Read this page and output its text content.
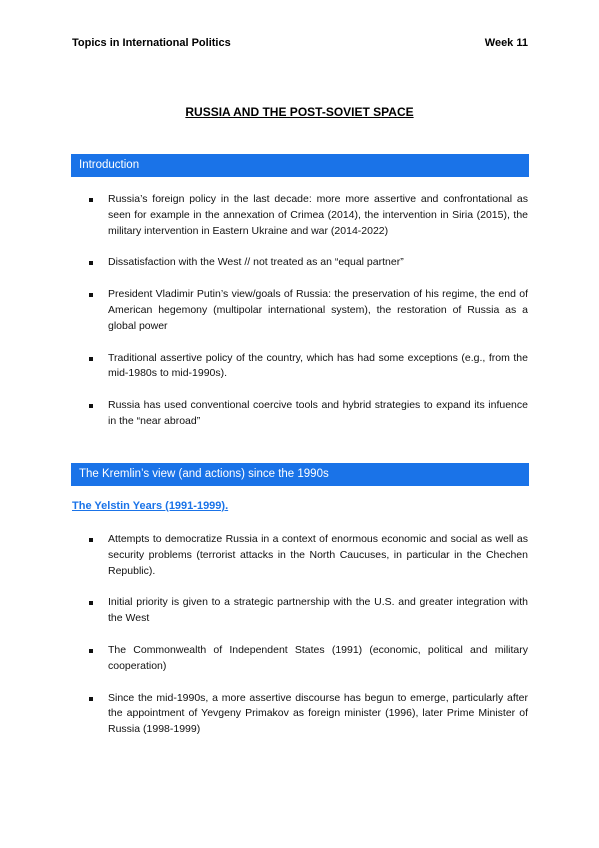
Topics in International Politics	Week 11
RUSSIA AND THE POST-SOVIET SPACE
Introduction
Russia’s foreign policy in the last decade: more more assertive and confrontational as seen for example in the annexation of Crimea (2014), the intervention in Siria (2015), the military intervention in Eastern Ukraine and war (2014-2022)
Dissatisfaction with the West // not treated as an “equal partner”
President Vladimir Putin’s view/goals of Russia: the preservation of his regime, the end of American hegemony (multipolar international system), the restoration of Russia as a global power
Traditional assertive policy of the country, which has had some exceptions (e.g., from the mid-1980s to mid-1990s).
Russia has used conventional coercive tools and hybrid strategies to expand its infuence in the “near abroad”
The Kremlin’s view (and actions) since the 1990s
The Yelstin Years (1991-1999).
Attempts to democratize Russia in a context of enormous economic and social as well as security problems (terrorist attacks in the North Caucuses, in particular in the Chechen Republic).
Initial priority is given to a strategic partnership with the U.S. and greater integration with the West
The Commonwealth of Independent States (1991) (economic, political and military cooperation)
Since the mid-1990s, a more assertive discourse has begun to emerge, particularly after the appointment of Yevgeny Primakov as foreign minister (1996), later Prime Minister of Russia (1998-1999)
